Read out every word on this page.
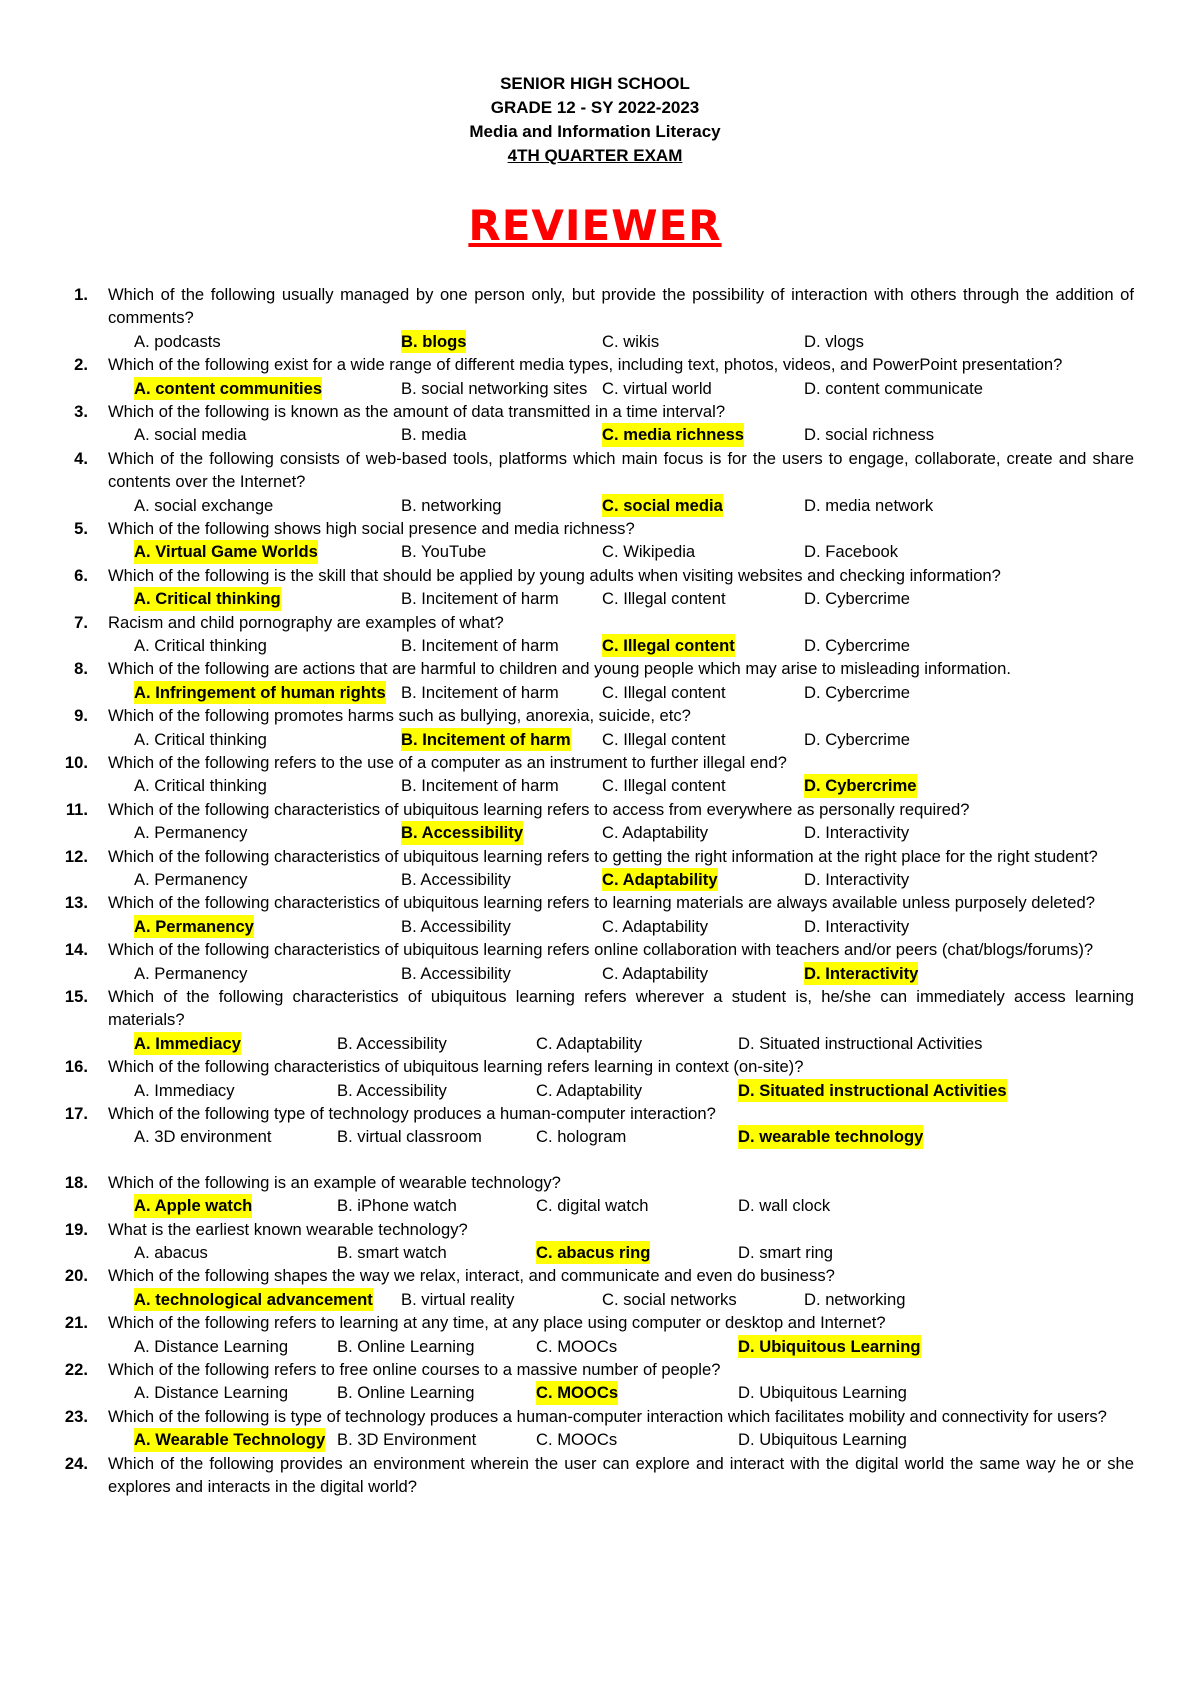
SENIOR HIGH SCHOOL
GRADE 12 - SY 2022-2023
Media and Information Literacy
4TH QUARTER EXAM
REVIEWER
1. Which of the following usually managed by one person only, but provide the possibility of interaction with others through the addition of comments?
A. podcasts	B. blogs	C. wikis	D. vlogs
2. Which of the following exist for a wide range of different media types, including text, photos, videos, and PowerPoint presentation?
A. content communities	B. social networking sites C. virtual world	D. content communicate
3. Which of the following is known as the amount of data transmitted in a time interval?
A. social media	B. media	C. media richness	D. social richness
4. Which of the following consists of web-based tools, platforms which main focus is for the users to engage, collaborate, create and share contents over the Internet?
A. social exchange	B. networking	C. social media	D. media network
5. Which of the following shows high social presence and media richness?
A. Virtual Game Worlds	B. YouTube	C. Wikipedia	D. Facebook
6. Which of the following is the skill that should be applied by young adults when visiting websites and checking information?
A. Critical thinking	B. Incitement of harm	C. Illegal content	D. Cybercrime
7. Racism and child pornography are examples of what?
A. Critical thinking	B. Incitement of harm	C. Illegal content	D. Cybercrime
8. Which of the following are actions that are harmful to children and young people which may arise to misleading information.
A. Infringement of human rights B. Incitement of harm	C. Illegal content	D. Cybercrime
9. Which of the following promotes harms such as bullying, anorexia, suicide, etc?
A. Critical thinking	B. Incitement of harm C. Illegal content	D. Cybercrime
10. Which of the following refers to the use of a computer as an instrument to further illegal end?
A. Critical thinking	B. Incitement of harm	C. Illegal content	D. Cybercrime
11. Which of the following characteristics of ubiquitous learning refers to access from everywhere as personally required?
A. Permanency	B. Accessibility	C. Adaptability	D. Interactivity
12. Which of the following characteristics of ubiquitous learning refers to getting the right information at the right place for the right student?
A. Permanency	B. Accessibility	C. Adaptability	D. Interactivity
13. Which of the following characteristics of ubiquitous learning refers to learning materials are always available unless purposely deleted?
A. Permanency	B. Accessibility	C. Adaptability	D. Interactivity
14. Which of the following characteristics of ubiquitous learning refers online collaboration with teachers and/or peers (chat/blogs/forums)?
A. Permanency	B. Accessibility	C. Adaptability	D. Interactivity
15. Which of the following characteristics of ubiquitous learning refers wherever a student is, he/she can immediately access learning materials?
A. Immediacy	B. Accessibility	C. Adaptability	D. Situated instructional Activities
16. Which of the following characteristics of ubiquitous learning refers learning in context (on-site)?
A. Immediacy	B. Accessibility	C. Adaptability	D. Situated instructional Activities
17. Which of the following type of technology produces a human-computer interaction?
A. 3D environment	B. virtual classroom	C. hologram	D. wearable technology
18. Which of the following is an example of wearable technology?
A. Apple watch	B. iPhone watch	C. digital watch	D. wall clock
19. What is the earliest known wearable technology?
A. abacus	B. smart watch	C. abacus ring	D. smart ring
20. Which of the following shapes the way we relax, interact, and communicate and even do business?
A. technological advancement B. virtual reality	C. social networks	D. networking
21. Which of the following refers to learning at any time, at any place using computer or desktop and Internet?
A. Distance Learning	B. Online Learning	C. MOOCs	D. Ubiquitous Learning
22. Which of the following refers to free online courses to a massive number of people?
A. Distance Learning	B. Online Learning	C. MOOCs	D. Ubiquitous Learning
23. Which of the following is type of technology produces a human-computer interaction which facilitates mobility and connectivity for users?
A. Wearable Technology B. 3D Environment	C. MOOCs	D. Ubiquitous Learning
24. Which of the following provides an environment wherein the user can explore and interact with the digital world the same way he or she explores and interacts in the digital world?
